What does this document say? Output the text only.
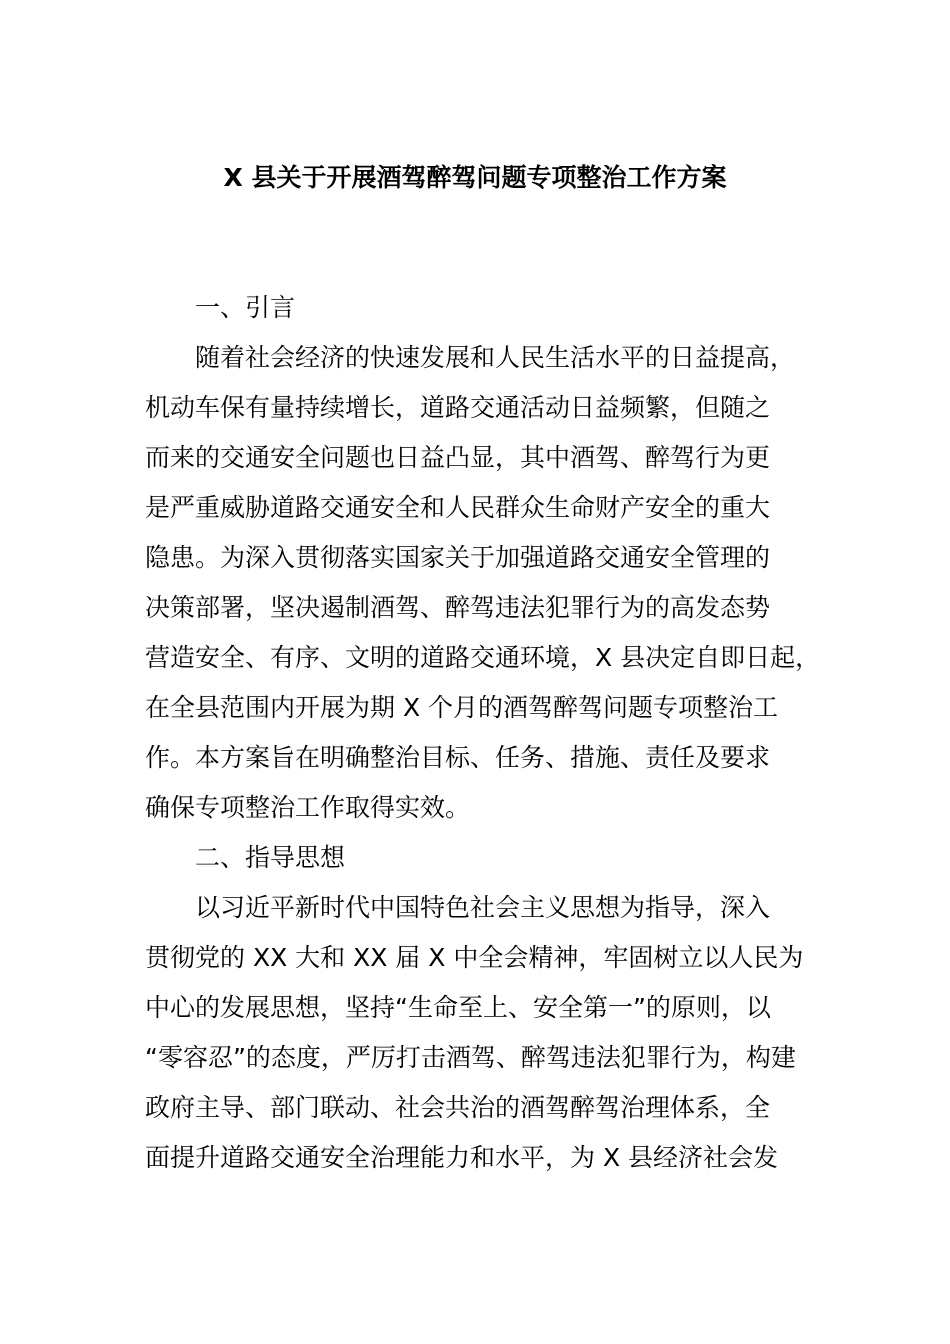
X 县关于开展酒驾醉驾问题专项整治工作方案
一、引言
随着社会经济的快速发展和人民生活水平的日益提高，
机动车保有量持续增长，道路交通活动日益频繁，但随之
而来的交通安全问题也日益凸显，其中酒驾、醉驾行为更
是严重威胁道路交通安全和人民群众生命财产安全的重大
隐患。为深入贯彻落实国家关于加强道路交通安全管理的
决策部署，坚决遏制酒驾、醉驾违法犯罪行为的高发态势
营造安全、有序、文明的道路交通环境，X 县决定自即日起，
在全县范围内开展为期 X 个月的酒驾醉驾问题专项整治工
作。本方案旨在明确整治目标、任务、措施、责任及要求
确保专项整治工作取得实效。
二、指导思想
以习近平新时代中国特色社会主义思想为指导，深入
贯彻党的 XX 大和 XX 届 X 中全会精神，牢固树立以人民为
中心的发展思想，坚持“生命至上、安全第一”的原则，以
“零容忍”的态度，严厉打击酒驾、醉驾违法犯罪行为，构建
政府主导、部门联动、社会共治的酒驾醉驾治理体系，全
面提升道路交通安全治理能力和水平，为 X 县经济社会发
